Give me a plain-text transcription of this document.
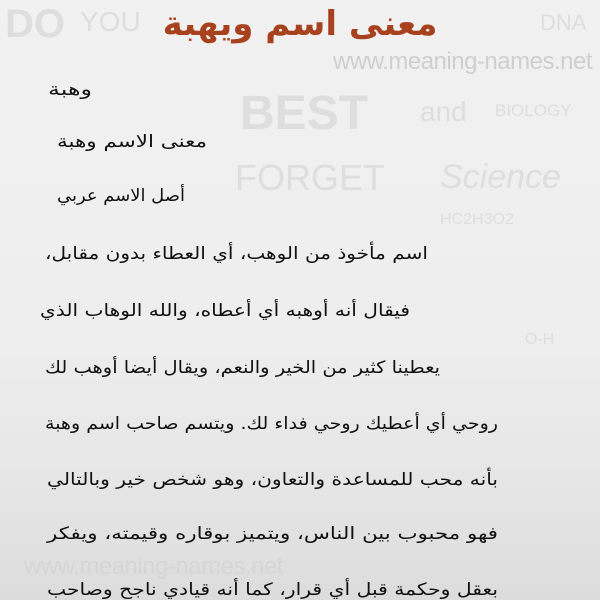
DO YOU
BEST and
FORGET
BIOLOGY
Science
DNA
HC2H3O2
O-H
www.meaning-names.net
معنى اسم ويهبة
وهبة
معنى الاسم وهبة
أصل الاسم عربي
اسم مأخوذ من الوهب، أي العطاء بدون مقابل،
فيقال أنه أوهبه أي أعطاه، والله الوهاب الذي
يعطينا كثير من الخير والنعم، ويقال أيضا أوهب لك
روحي أي أعطيك روحي فداء لك. ويتسم صاحب اسم وهبة
بأنه محب للمساعدة والتعاون، وهو شخص خير وبالتالي
فهو محبوب بين الناس، ويتميز بوقاره وقيمته، ويفكر
بعقل وحكمة قبل أي قرار، كما أنه قيادي ناجح وصاحب
www.meaning-names.net
